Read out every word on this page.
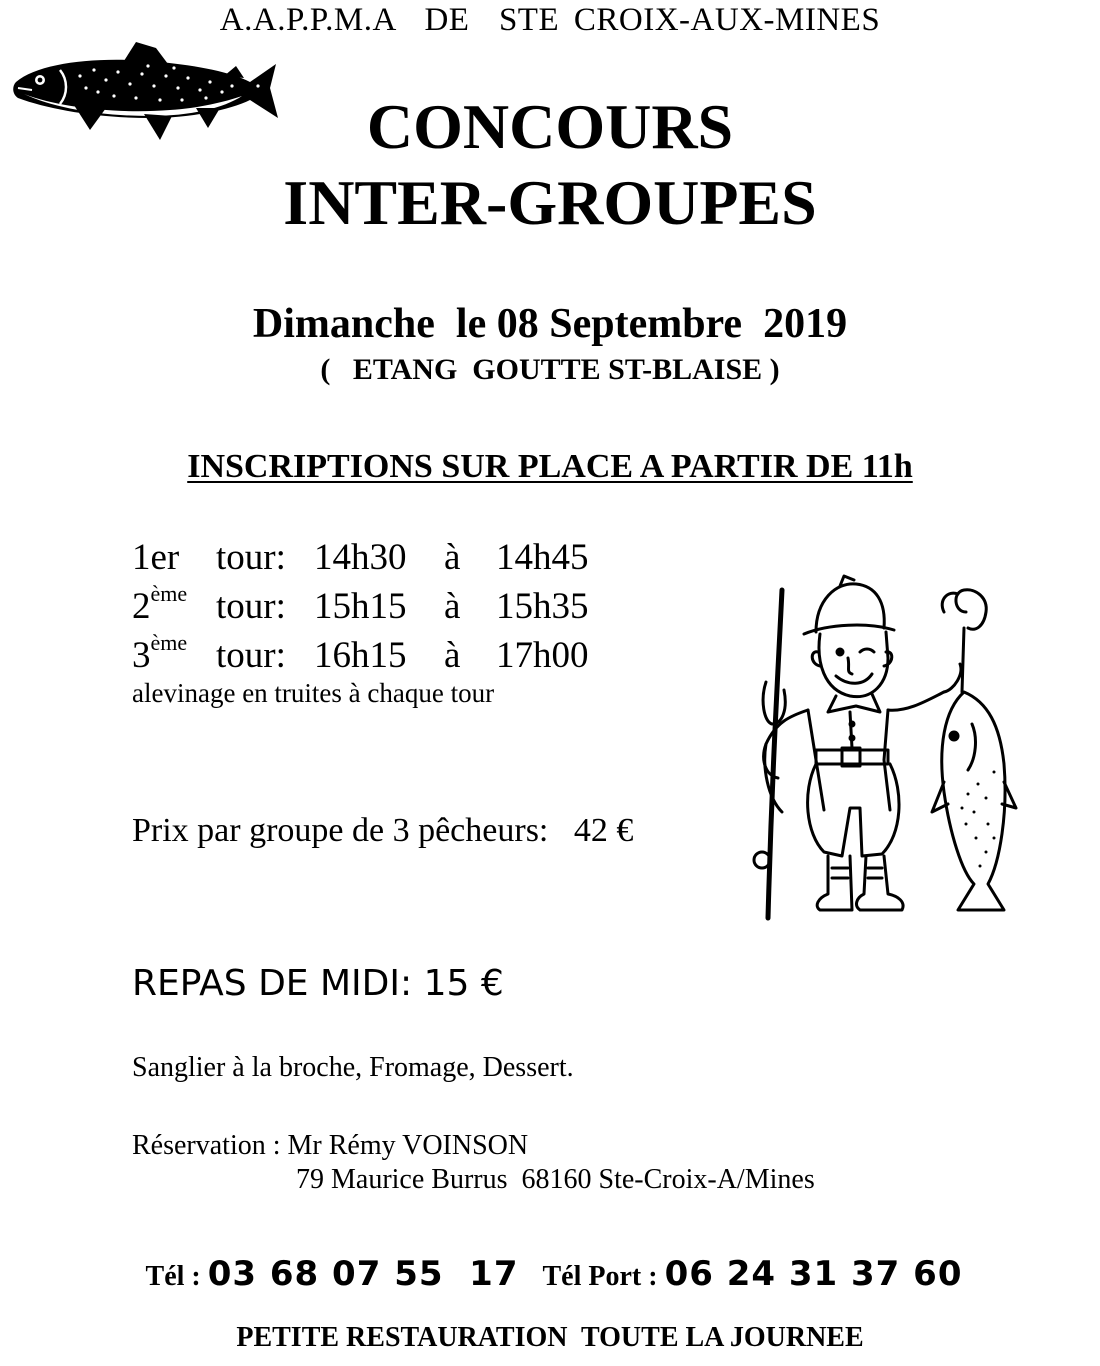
A.A.P.P.M.A  DE  STE CROIX-AUX-MINES
CONCOURS
INTER-GROUPES
Dimanche  le 08 Septembre  2019
(   ETANG  GOUTTE ST-BLAISE )
INSCRIPTIONS SUR PLACE A PARTIR DE 11h
1er tour: 14h30 à 14h45
2ème tour: 15h15 à 15h35
3ème tour: 16h15 à 17h00
alevinage en truites à chaque tour
Prix par groupe de 3 pêcheurs:   42 €
REPAS DE MIDI: 15 €
Sanglier à la broche, Fromage, Dessert.
Réservation : Mr Rémy VOINSON
79 Maurice Burrus  68160 Ste-Croix-A/Mines

Tél : 03 68 07 55  17 Tél Port : 06 24 31 37 60

PETITE RESTAURATION  TOUTE LA JOURNEE
